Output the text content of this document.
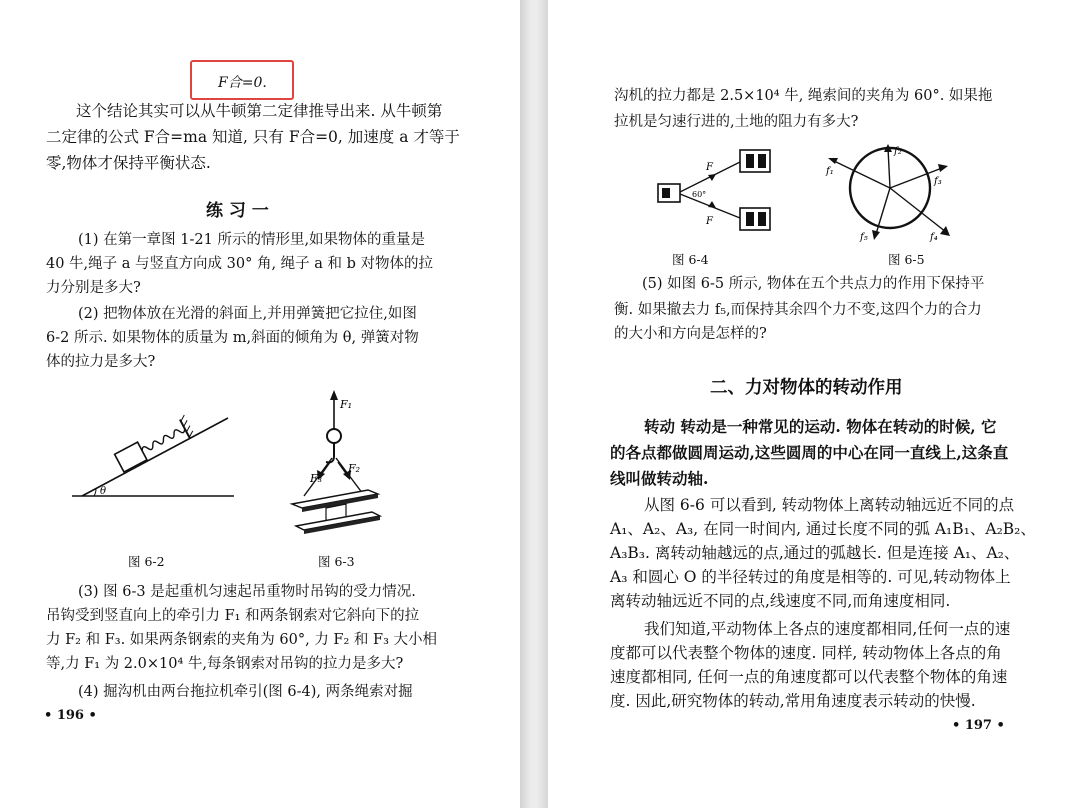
F合=0.
这个结论其实可以从牛顿第二定律推导出来. 从牛顿第
二定律的公式 F合=ma 知道, 只有 F合=0, 加速度 a 才等于
零,物体才保持平衡状态.
练 习 一
(1) 在第一章图 1-21 所示的情形里,如果物体的重量是
40 牛,绳子 a 与竖直方向成 30° 角, 绳子 a 和 b 对物体的拉
力分别是多大?
(2) 把物体放在光滑的斜面上,并用弹簧把它拉住,如图
6-2 所示. 如果物体的质量为 m,斜面的倾角为 θ, 弹簧对物
体的拉力是多大?
θ
图 6-2
F₁
F₃
F₂
图 6-3
(3) 图 6-3 是起重机匀速起吊重物时吊钩的受力情况.
吊钩受到竖直向上的牵引力 F₁ 和两条钢索对它斜向下的拉
力 F₂ 和 F₃. 如果两条钢索的夹角为 60°, 力 F₂ 和 F₃ 大小相
等,力 F₁ 为 2.0×10⁴ 牛,每条钢索对吊钩的拉力是多大?
(4) 掘沟机由两台拖拉机牵引(图 6-4), 两条绳索对掘
• 196 •
沟机的拉力都是 2.5×10⁴ 牛, 绳索间的夹角为 60°. 如果拖
拉机是匀速行进的,土地的阻力有多大?
F
F
60°
图 6-4
f₁
f₂
f₃
f₄
f₅
图 6-5
(5) 如图 6-5 所示, 物体在五个共点力的作用下保持平
衡. 如果撤去力 f₅,而保持其余四个力不变,这四个力的合力
的大小和方向是怎样的?
二、力对物体的转动作用
转动 转动是一种常见的运动. 物体在转动的时候, 它
的各点都做圆周运动,这些圆周的中心在同一直线上,这条直
线叫做转动轴.
从图 6-6 可以看到, 转动物体上离转动轴远近不同的点
A₁、A₂、A₃, 在同一时间内, 通过长度不同的弧 A₁B₁、A₂B₂、
A₃B₃. 离转动轴越远的点,通过的弧越长. 但是连接 A₁、A₂、
A₃ 和圆心 O 的半径转过的角度是相等的. 可见,转动物体上
离转动轴远近不同的点,线速度不同,而角速度相同.
我们知道,平动物体上各点的速度都相同,任何一点的速
度都可以代表整个物体的速度. 同样, 转动物体上各点的角
速度都相同, 任何一点的角速度都可以代表整个物体的角速
度. 因此,研究物体的转动,常用角速度表示转动的快慢.
• 197 •
